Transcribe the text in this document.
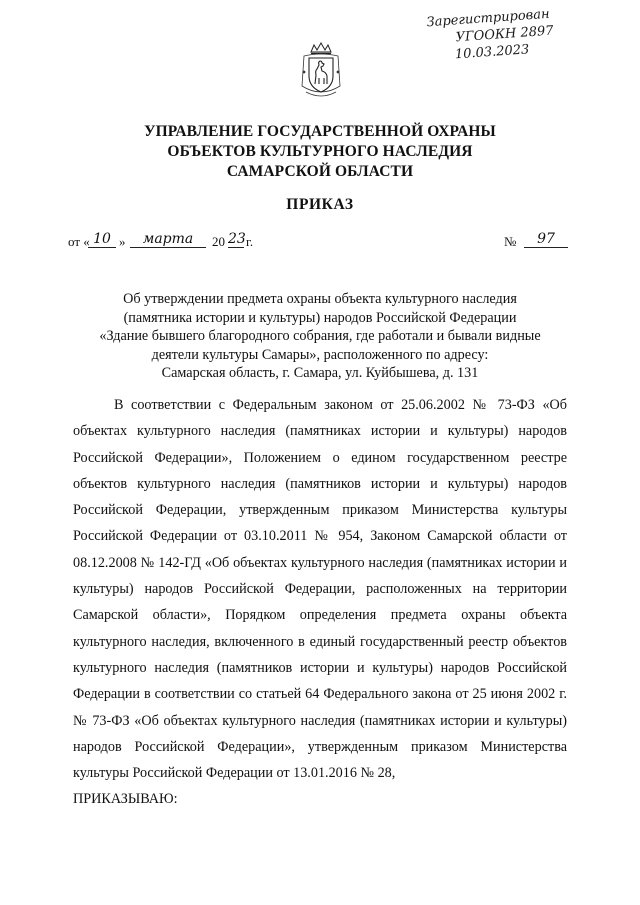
Зарегистрирован
УГООКН 2897
10.03.2023
УПРАВЛЕНИЕ ГОСУДАРСТВЕННОЙ ОХРАНЫ
ОБЪЕКТОВ КУЛЬТУРНОГО НАСЛЕДИЯ
САМАРСКОЙ ОБЛАСТИ
ПРИКАЗ
от « 10 »	марта	20 23 г.	№	97
Об утверждении предмета охраны объекта культурного наследия
(памятника истории и культуры) народов Российской Федерации
«Здание бывшего благородного собрания, где работали и бывали видные
деятели культуры Самары», расположенного по адресу:
Самарская область, г. Самара, ул. Куйбышева, д. 131

В соответствии с Федеральным законом от 25.06.2002 № 73-ФЗ «Об объектах культурного наследия (памятниках истории и культуры) народов Российской Федерации», Положением о едином государственном реестре объектов культурного наследия (памятников истории и культуры) народов Российской Федерации, утвержденным приказом Министерства культуры Российской Федерации от 03.10.2011 № 954, Законом Самарской области от 08.12.2008 № 142-ГД «Об объектах культурного наследия (памятниках истории и культуры) народов Российской Федерации, расположенных на территории Самарской области», Порядком определения предмета охраны объекта культурного наследия, включенного в единый государственный реестр объектов культурного наследия (памятников истории и культуры) народов Российской Федерации в соответствии со статьей 64 Федерального закона от 25 июня 2002 г. № 73-ФЗ «Об объектах культурного наследия (памятниках истории и культуры) народов Российской Федерации», утвержденным приказом Министерства культуры Российской Федерации от 13.01.2016 № 28,

ПРИКАЗЫВАЮ:
